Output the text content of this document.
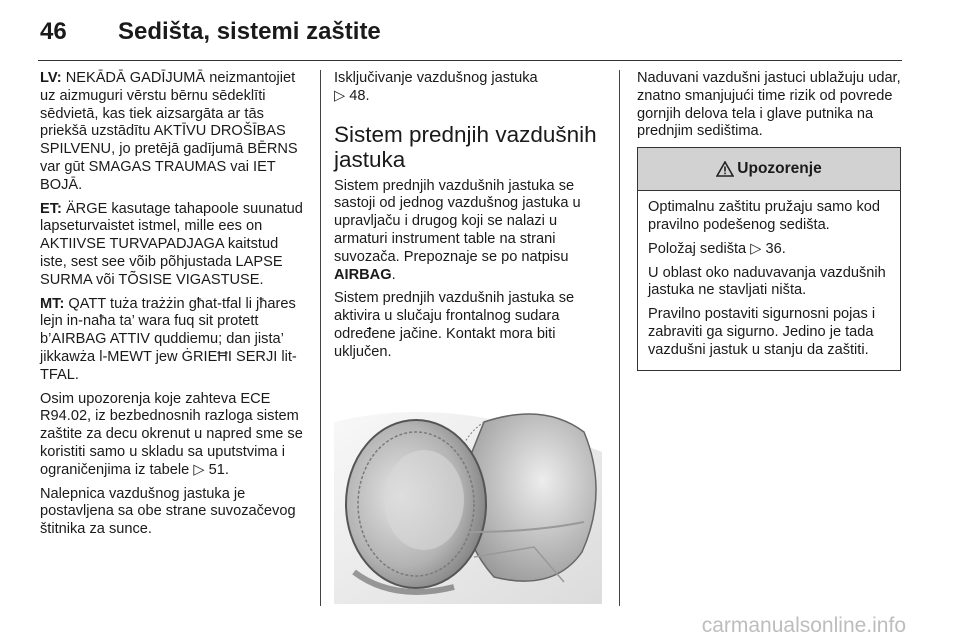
46 Sedišta, sistemi zaštite

LV: NEKĀDĀ GADĪJUMĀ neizmantojiet uz aizmuguri vērstu bērnu sēdeklīti sēdvietā, kas tiek aizsargāta ar tās priekšā uzstādītu AKTĪVU DROŠĪBAS SPILVENU, jo pretējā gadījumā BĒRNS var gūt SMAGAS TRAUMAS vai IET BOJĀ.

ET: ÄRGE kasutage tahapoole suunatud lapseturvaistet istmel, mille ees on AKTIIVSE TURVAPADJAGA kaitstud iste, sest see võib põhjustada LAPSE SURMA või TÕSISE VIGASTUSE.

MT: QATT tuża trażżin għat-tfal li jħares lejn in-naħa ta’ wara fuq sit protett b’AIRBAG ATTIV quddiemu; dan jista’ jikkawża l-MEWT jew ĠRIEĦI SERJI lit-TFAL.

Osim upozorenja koje zahteva ECE R94.02, iz bezbednosnih razloga sistem zaštite za decu okrenut u napred sme se koristiti samo u skladu sa uputstvima i ograničenjima iz tabele ▷ 51.

Nalepnica vazdušnog jastuka je postavljena sa obe strane suvozačevog štitnika za sunce.

Isključivanje vazdušnog jastuka
▷ 48.

Sistem prednjih vazdušnih jastuka

Sistem prednjih vazdušnih jastuka se sastoji od jednog vazdušnog jastuka u upravljaču i drugog koji se nalazi u armaturi instrument table na strani suvozača. Prepoznaje se po natpisu AIRBAG.

Sistem prednjih vazdušnih jastuka se aktivira u slučaju frontalnog sudara određene jačine. Kontakt mora biti uključen.

Naduvani vazdušni jastuci ublažuju udar, znatno smanjujući time rizik od povrede gornjih delova tela i glave putnika na prednjim sedištima.

Upozorenje

Optimalnu zaštitu pružaju samo kod pravilno podešenog sedišta.

Položaj sedišta ▷ 36.

U oblast oko naduvavanja vazdušnih jastuka ne stavljati ništa.

Pravilno postaviti sigurnosni pojas i zabraviti ga sigurno. Jedino je tada vazdušni jastuk u stanju da zaštiti.

carmanualsonline.info
